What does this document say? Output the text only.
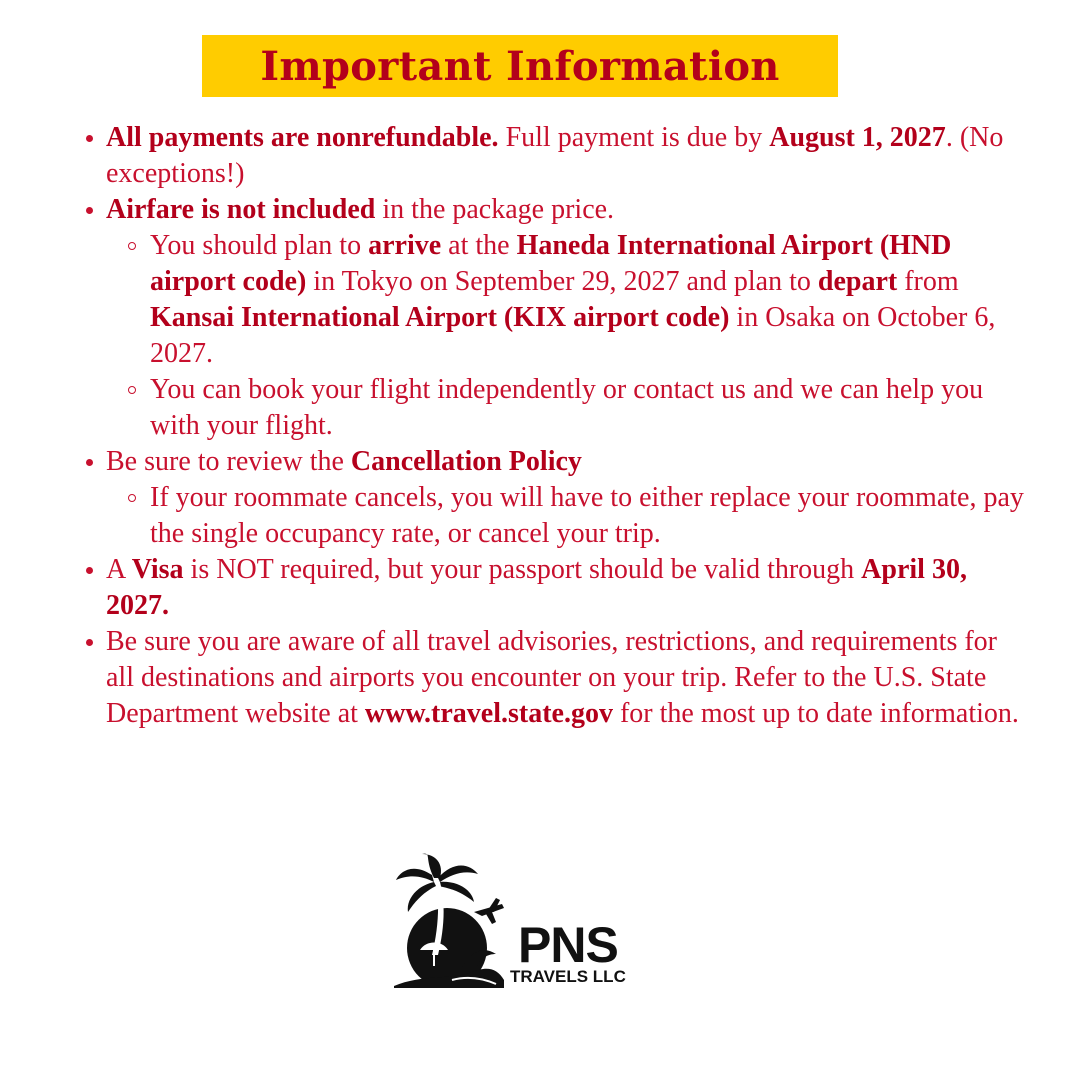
Important Information
All payments are nonrefundable. Full payment is due by August 1, 2027. (No exceptions!)
Airfare is not included in the package price.
You should plan to arrive at the Haneda International Airport (HND airport code) in Tokyo on September 29, 2027 and plan to depart from Kansai International Airport (KIX airport code) in Osaka on October 6, 2027.
You can book your flight independently or contact us and we can help you with your flight.
Be sure to review the Cancellation Policy
If your roommate cancels, you will have to either replace your roommate, pay the single occupancy rate, or cancel your trip.
A Visa is NOT required, but your passport should be valid through April 30, 2027.
Be sure you are aware of all travel advisories, restrictions, and requirements for all destinations and airports you encounter on your trip. Refer to the U.S. State Department website at www.travel.state.gov for the most up to date information.
PNS
TRAVELS LLC
